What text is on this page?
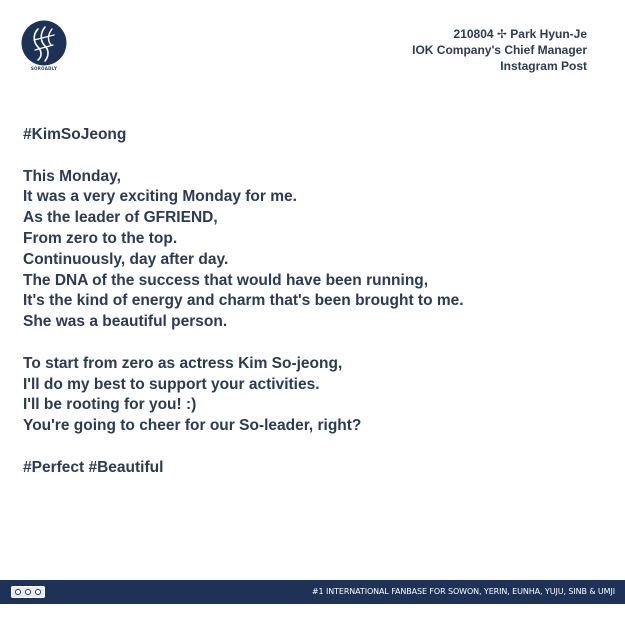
SOROADLY
210804 ✢ Park Hyun-Je
IOK Company's Chief Manager
Instagram Post
#KimSoJeong
This Monday,
It was a very exciting Monday for me.
As the leader of GFRIEND,
From zero to the top.
Continuously, day after day.
The DNA of the success that would have been running,
It's the kind of energy and charm that's been brought to me.
She was a beautiful person.
To start from zero as actress Kim So-jeong,
I'll do my best to support your activities.
I'll be rooting for you! :)
You're going to cheer for our So-leader, right?
#Perfect #Beautiful
#1 INTERNATIONAL FANBASE FOR SOWON, YERIN, EUNHA, YUJU, SINB & UMJI
